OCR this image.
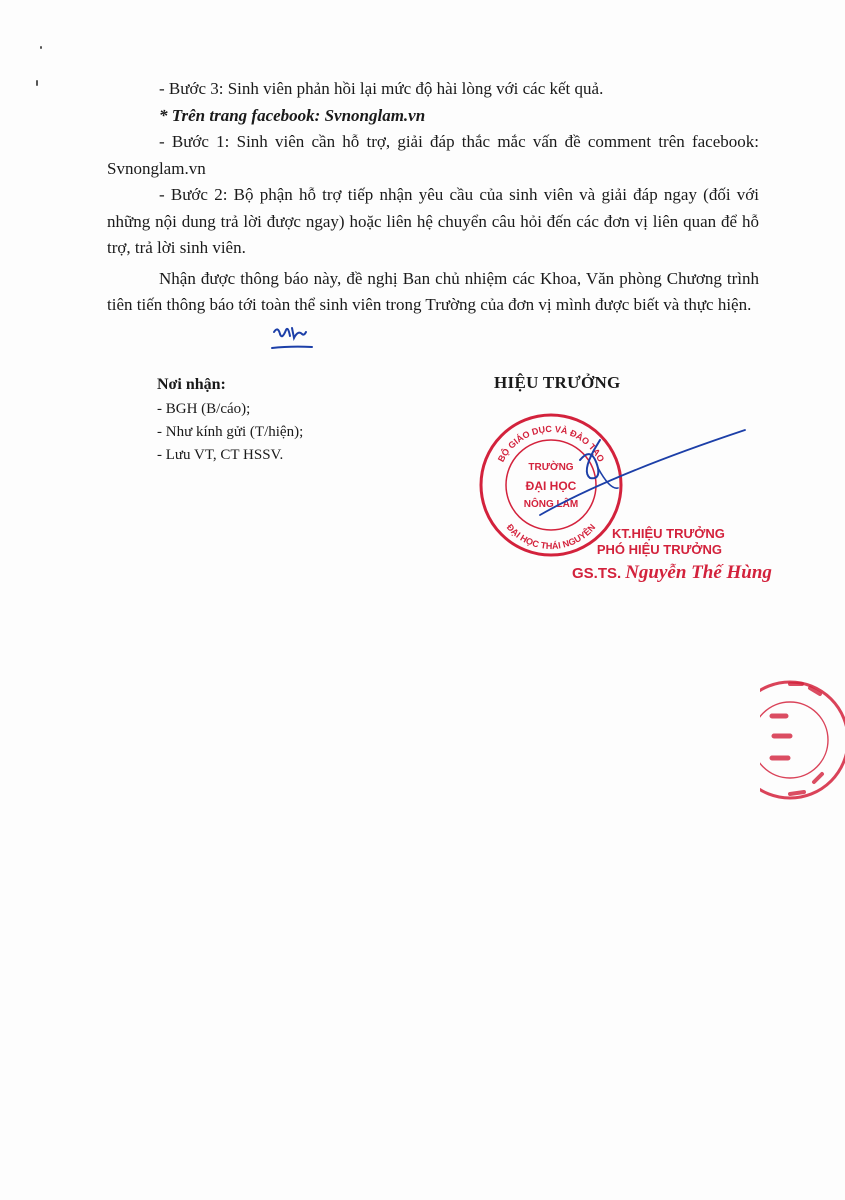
- Bước 3: Sinh viên phản hồi lại mức độ hài lòng với các kết quả.

* Trên trang facebook: Svnonglam.vn

- Bước 1: Sinh viên cần hỗ trợ, giải đáp thắc mắc vấn đề comment trên facebook: Svnonglam.vn

- Bước 2: Bộ phận hỗ trợ tiếp nhận yêu cầu của sinh viên và giải đáp ngay (đối với những nội dung trả lời được ngay) hoặc liên hệ chuyển câu hỏi đến các đơn vị liên quan để hỗ trợ, trả lời sinh viên.

Nhận được thông báo này, đề nghị Ban chủ nhiệm các Khoa, Văn phòng Chương trình tiên tiến thông báo tới toàn thể sinh viên trong Trường của đơn vị mình được biết và thực hiện.

Nơi nhận:
- BGH (B/cáo);
- Như kính gửi (T/hiện);
- Lưu VT, CT HSSV.
HIỆU TRƯỞNG
BỘ GIÁO DỤC VÀ ĐÀO TẠO
ĐẠI HỌC THÁI NGUYÊN
TRƯỜNG
ĐẠI HỌC
NÔNG LÂM
KT.HIỆU TRƯỞNG
PHÓ HIỆU TRƯỞNG
GS.TS. Nguyễn Thế Hùng
